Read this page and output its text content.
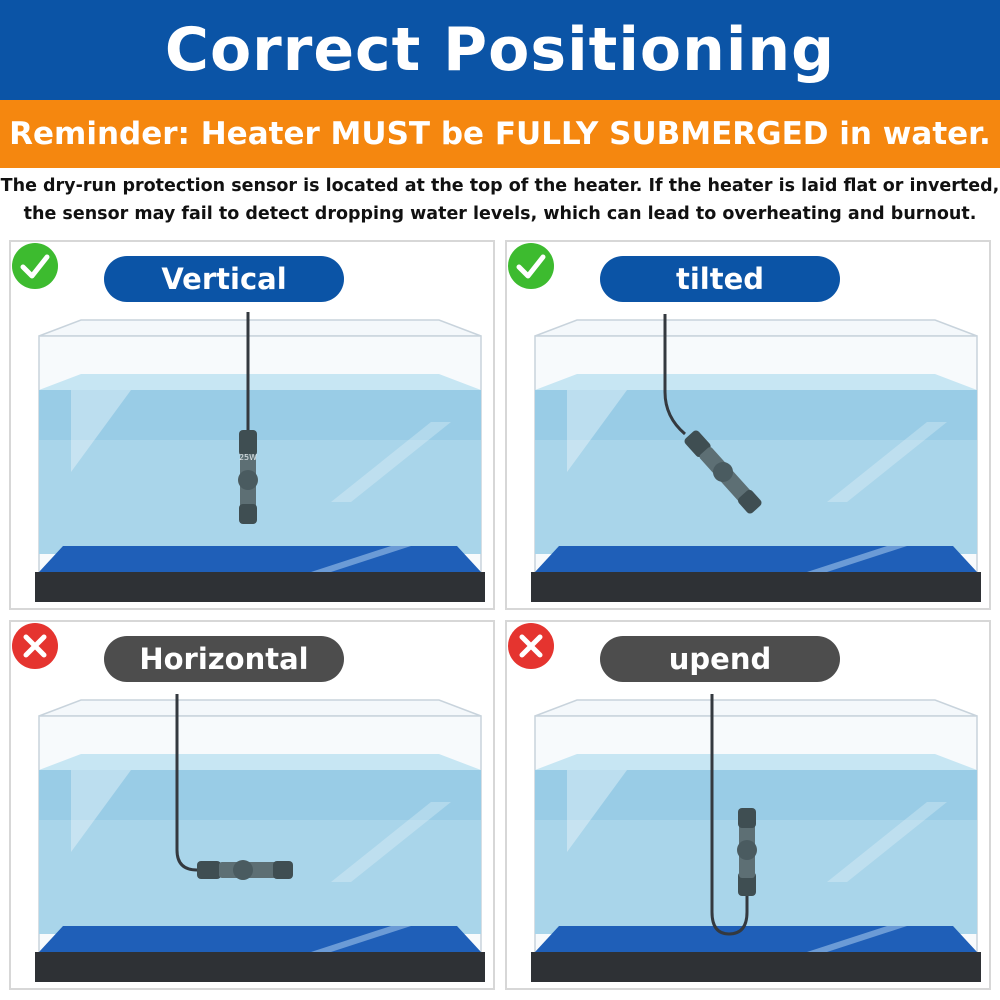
Correct Positioning
Reminder: Heater MUST be FULLY SUBMERGED in water.
The dry-run protection sensor is located at the top of the heater. If the heater is laid flat or inverted,
the sensor may fail to detect dropping water levels, which can lead to overheating and burnout.
25W
Vertical	tilted
Horizontal	upend
